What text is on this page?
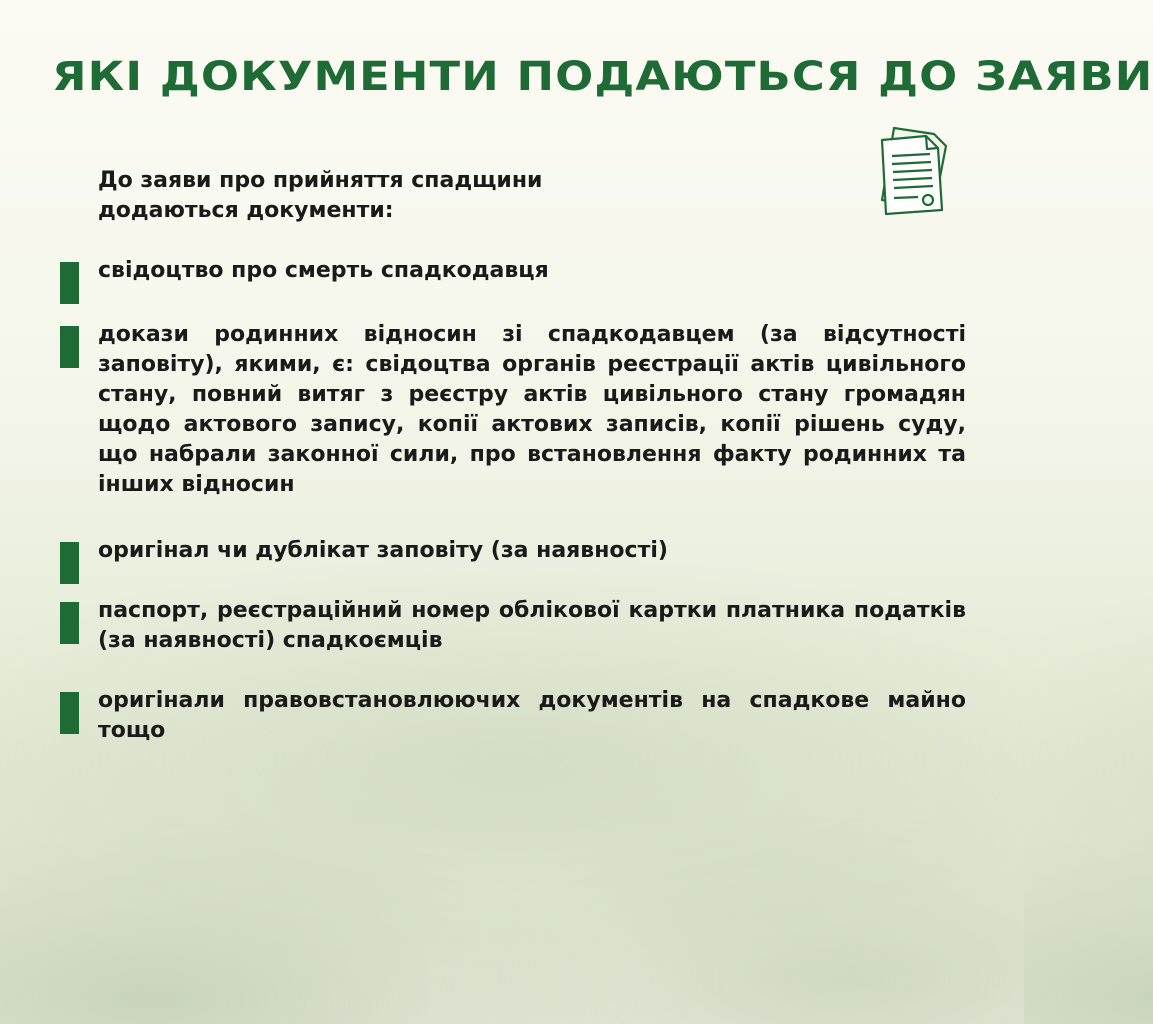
ЯКІ ДОКУМЕНТИ ПОДАЮТЬСЯ ДО ЗАЯВИ
До заяви про прийняття спадщини
додаються документи:

свідоцтво про смерть спадкодавця

докази родинних відносин зі спадкодавцем (за відсутності заповіту), якими, є: свідоцтва органів реєстрації актів цивільного стану, повний витяг з реєстру актів цивільного стану громадян щодо актового запису, копії актових записів, копії рішень суду, що набрали законної сили, про встановлення факту родинних та інших відносин

оригінал чи дублікат заповіту (за наявності)

паспорт, реєстраційний номер облікової картки платника податків (за наявності) спадкоємців

оригінали правовстановлюючих документів на спадкове майно тощо
